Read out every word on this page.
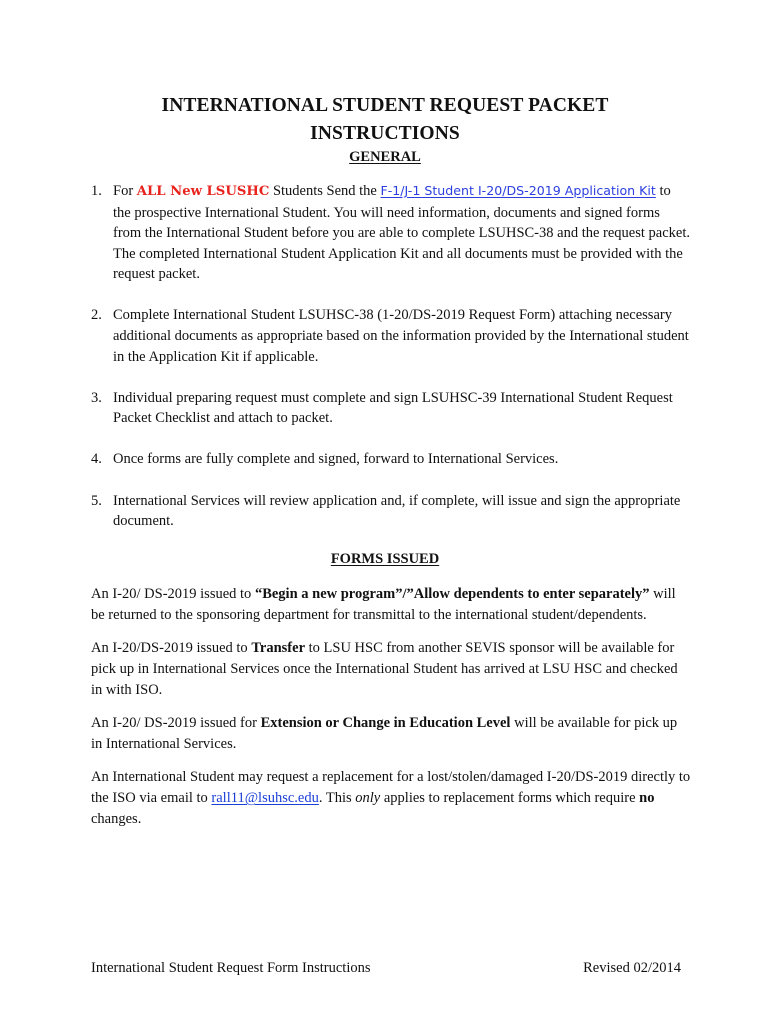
INTERNATIONAL STUDENT REQUEST PACKET
INSTRUCTIONS
GENERAL
1. For ALL New LSUSHC Students Send the F-1/J-1 Student I-20/DS-2019 Application Kit to the prospective International Student. You will need information, documents and signed forms from the International Student before you are able to complete LSUHSC-38 and the request packet. The completed International Student Application Kit and all documents must be provided with the request packet.
2. Complete International Student LSUHSC-38 (1-20/DS-2019 Request Form) attaching necessary additional documents as appropriate based on the information provided by the International student in the Application Kit if applicable.
3. Individual preparing request must complete and sign LSUHSC-39 International Student Request Packet Checklist and attach to packet.
4. Once forms are fully complete and signed, forward to International Services.
5. International Services will review application and, if complete, will issue and sign the appropriate document.
FORMS ISSUED

An I-20/ DS-2019 issued to “Begin a new program”/”Allow dependents to enter separately” will be returned to the sponsoring department for transmittal to the international student/dependents.

An I-20/DS-2019 issued to Transfer to LSU HSC from another SEVIS sponsor will be available for pick up in International Services once the International Student has arrived at LSU HSC and checked in with ISO.

An I-20/ DS-2019 issued for Extension or Change in Education Level will be available for pick up in International Services.

An International Student may request a replacement for a lost/stolen/damaged I-20/DS-2019 directly to the ISO via email to rall11@lsuhsc.edu. This only applies to replacement forms which require no changes.

International Student Request Form Instructions	Revised 02/2014
